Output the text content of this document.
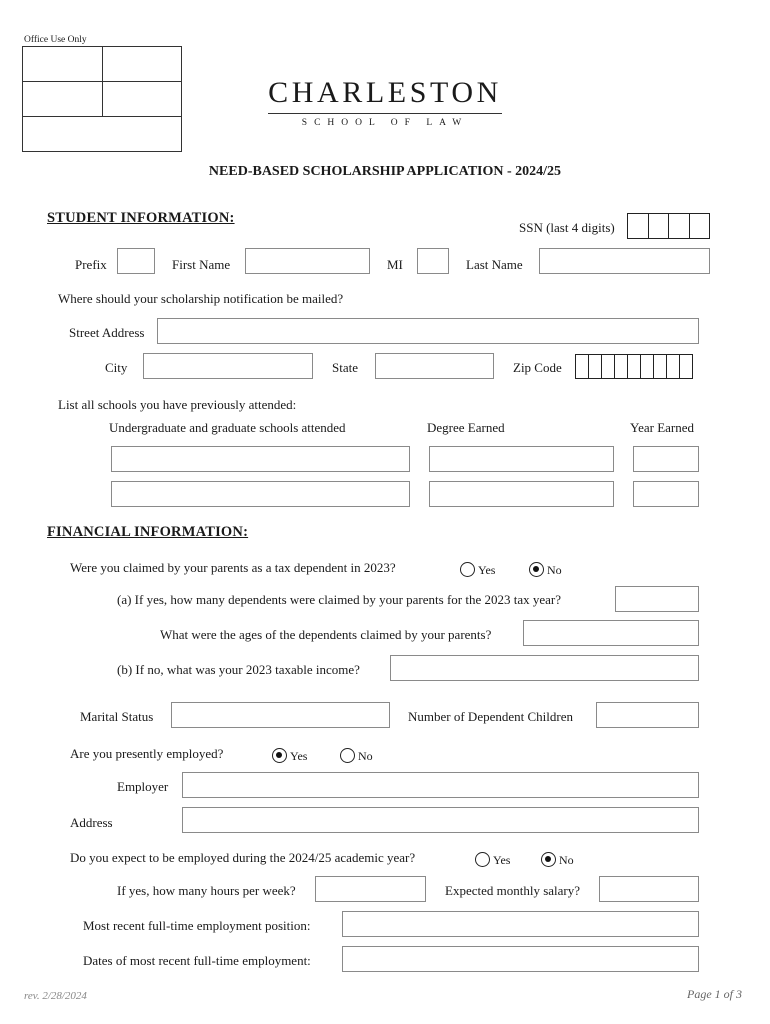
Office Use Only
CHARLESTON
SCHOOL OF LAW
NEED-BASED SCHOLARSHIP APPLICATION - 2024/25
STUDENT INFORMATION:
SSN (last 4 digits)
Prefix	First Name	MI	Last Name
Where should your scholarship notification be mailed?
Street Address
City	State	Zip Code
List all schools you have previously attended:
Undergraduate and graduate schools attended	Degree Earned	Year Earned
FINANCIAL INFORMATION:
Were you claimed by your parents as a tax dependent in 2023?	Yes	No
(a) If yes, how many dependents were claimed by your parents for the 2023 tax year?
What were the ages of the dependents claimed by your parents?
(b) If no, what was your 2023 taxable income?
Marital Status	Number of Dependent Children
Are you presently employed?	Yes	No
Employer
Address
Do you expect to be employed during the 2024/25 academic year?	Yes	No
If yes, how many hours per week?	Expected monthly salary?
Most recent full-time employment position:
Dates of most recent full-time employment:
rev. 2/28/2024	Page 1 of 3
